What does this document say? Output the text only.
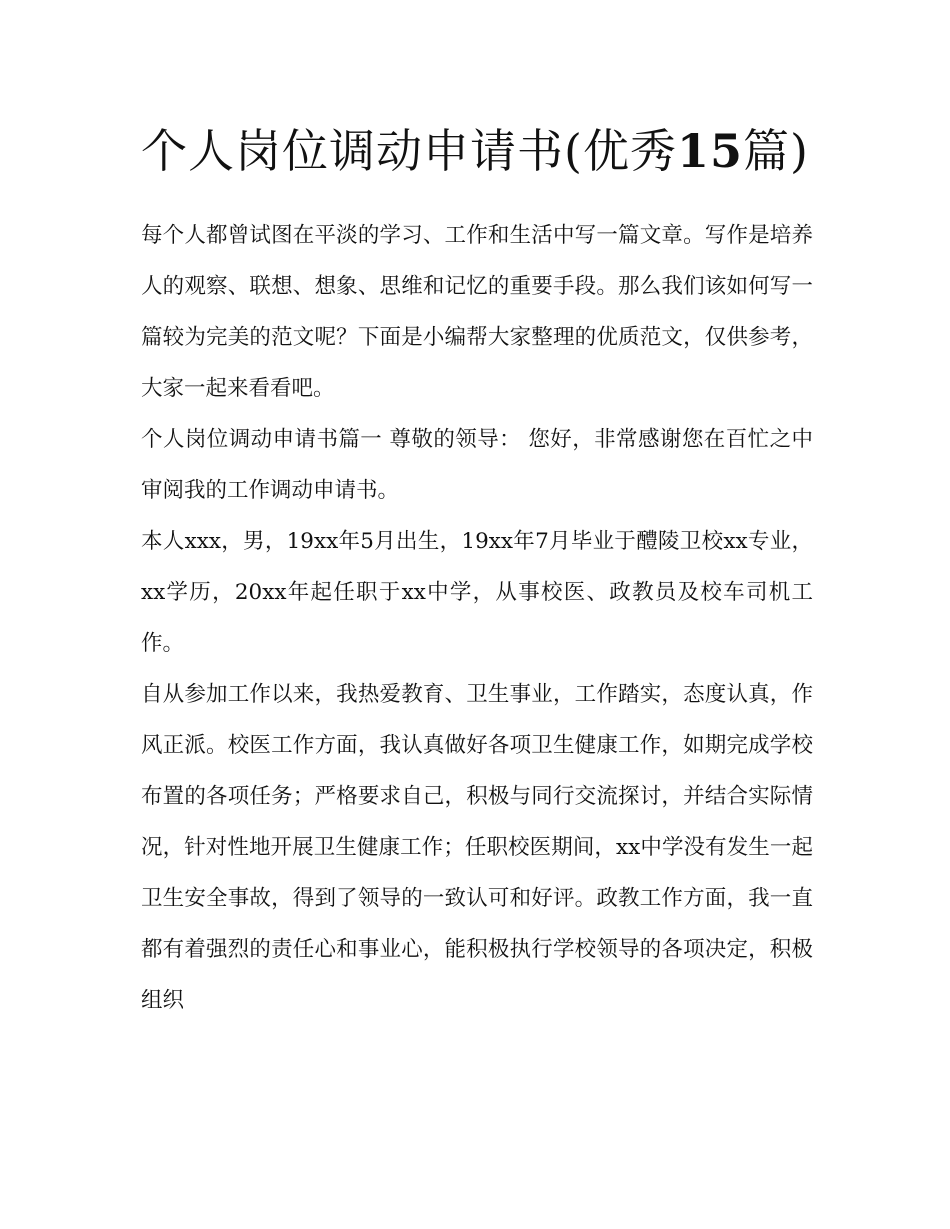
个人岗位调动申请书(优秀15篇)

每个人都曾试图在平淡的学习、工作和生活中写一篇文章。写作是培养人的观察、联想、想象、思维和记忆的重要手段。那么我们该如何写一篇较为完美的范文呢？下面是小编帮大家整理的优质范文，仅供参考，大家一起来看看吧。

个人岗位调动申请书篇一 尊敬的领导： 您好，非常感谢您在百忙之中审阅我的工作调动申请书。

本人xxx，男，19xx年5月出生，19xx年7月毕业于醴陵卫校xx专业，xx学历，20xx年起任职于xx中学，从事校医、政教员及校车司机工作。

自从参加工作以来，我热爱教育、卫生事业，工作踏实，态度认真，作风正派。校医工作方面，我认真做好各项卫生健康工作，如期完成学校布置的各项任务；严格要求自己，积极与同行交流探讨，并结合实际情况，针对性地开展卫生健康工作；任职校医期间，xx中学没有发生一起卫生安全事故，得到了领导的一致认可和好评。政教工作方面，我一直都有着强烈的责任心和事业心，能积极执行学校领导的各项决定，积极组织
